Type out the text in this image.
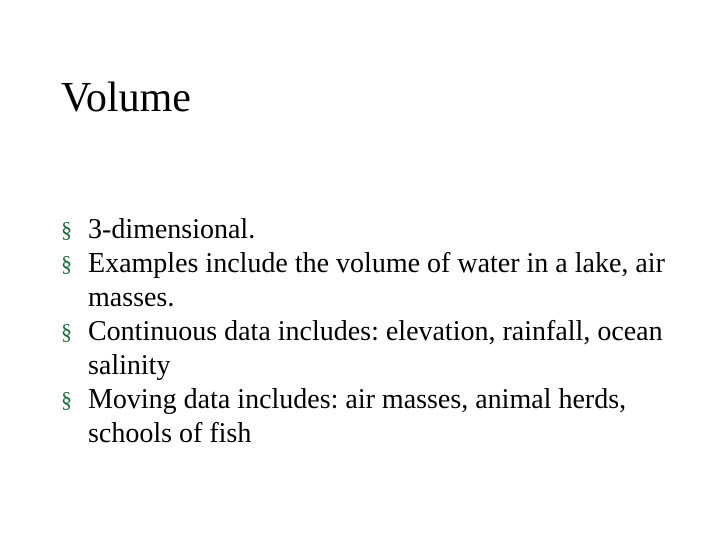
Volume
§ 3-dimensional.
§ Examples include the volume of water in a lake, air masses.
§ Continuous data includes: elevation, rainfall, ocean salinity
§ Moving data includes: air masses, animal herds, schools of fish
